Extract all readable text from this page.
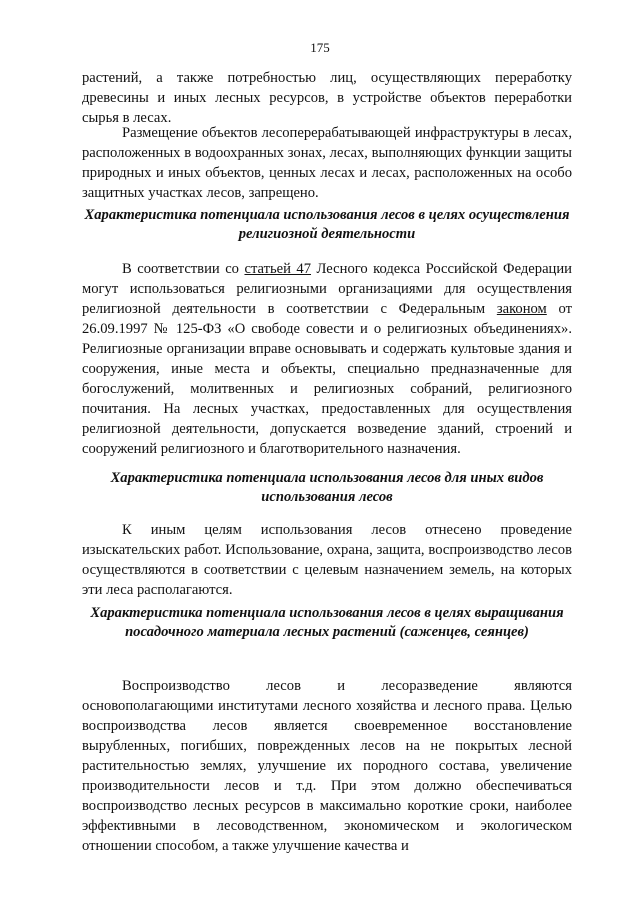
175

растений, а также потребностью лиц, осуществляющих переработку древесины и иных лесных ресурсов, в устройстве объектов переработки сырья в лесах.

Размещение объектов лесоперерабатывающей инфраструктуры в лесах, расположенных в водоохранных зонах, лесах, выполняющих функции защиты природных и иных объектов, ценных лесах и лесах, расположенных на особо защитных участках лесов, запрещено.

Характеристика потенциала использования лесов в целях осуществления религиозной деятельности

В соответствии со статьей 47 Лесного кодекса Российской Федерации могут использоваться религиозными организациями для осуществления религиозной деятельности в соответствии с Федеральным законом от 26.09.1997 № 125-ФЗ «О свободе совести и о религиозных объединениях». Религиозные организации вправе основывать и содержать культовые здания и сооружения, иные места и объекты, специально предназначенные для богослужений, молитвенных и религиозных собраний, религиозного почитания. На лесных участках, предоставленных для осуществления религиозной деятельности, допускается возведение зданий, строений и сооружений религиозного и благотворительного назначения.

Характеристика потенциала использования лесов для иных видов использования лесов

К иным целям использования лесов отнесено проведение изыскательских работ. Использование, охрана, защита, воспроизводство лесов осуществляются в соответствии с целевым назначением земель, на которых эти леса располагаются.

Характеристика потенциала использования лесов в целях выращивания посадочного материала лесных растений (саженцев, сеянцев)

Воспроизводство лесов и лесоразведение являются основополагающими институтами лесного хозяйства и лесного права. Целью воспроизводства лесов является своевременное восстановление вырубленных, погибших, поврежденных лесов на не покрытых лесной растительностью землях, улучшение их породного состава, увеличение производительности лесов и т.д. При этом должно обеспечиваться воспроизводство лесных ресурсов в максимально короткие сроки, наиболее эффективными в лесоводственном, экономическом и экологическом отношении способом, а также улучшение качества и
